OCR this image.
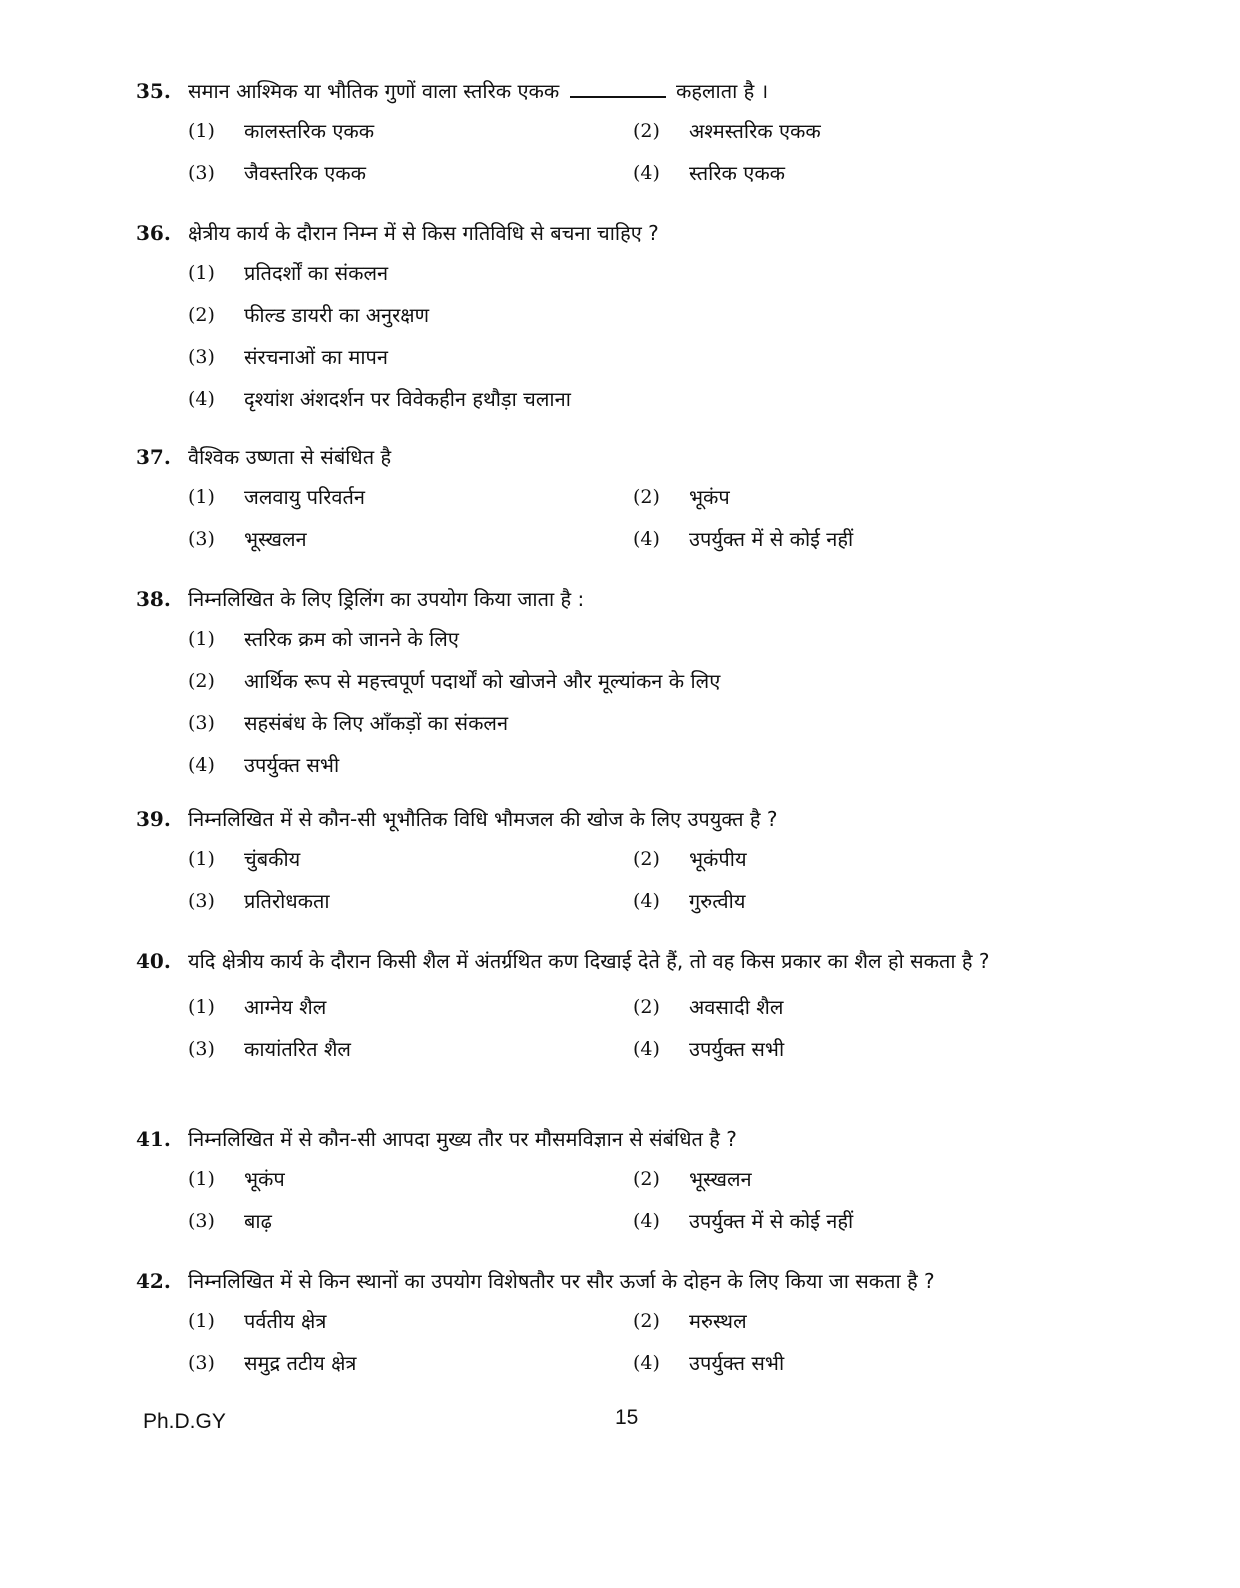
35. समान आश्मिक या भौतिक गुणों वाला स्तरिक एकक	कहलाता है ।
(1) कालस्तरिक एकक	(2) अश्मस्तरिक एकक
(3) जैवस्तरिक एकक	(4) स्तरिक एकक
36. क्षेत्रीय कार्य के दौरान निम्न में से किस गतिविधि से बचना चाहिए ?
(1) प्रतिदर्शों का संकलन
(2) फील्ड डायरी का अनुरक्षण
(3) संरचनाओं का मापन
(4) दृश्यांश अंशदर्शन पर विवेकहीन हथौड़ा चलाना
37. वैश्विक उष्णता से संबंधित है
(1) जलवायु परिवर्तन	(2) भूकंप
(3) भूस्खलन	(4) उपर्युक्त में से कोई नहीं
38. निम्नलिखित के लिए ड्रिलिंग का उपयोग किया जाता है :
(1) स्तरिक क्रम को जानने के लिए
(2) आर्थिक रूप से महत्त्वपूर्ण पदार्थों को खोजने और मूल्यांकन के लिए
(3) सहसंबंध के लिए आँकड़ों का संकलन
(4) उपर्युक्त सभी
39. निम्नलिखित में से कौन-सी भूभौतिक विधि भौमजल की खोज के लिए उपयुक्त है ?
(1) चुंबकीय	(2) भूकंपीय
(3) प्रतिरोधकता	(4) गुरुत्वीय
40. यदि क्षेत्रीय कार्य के दौरान किसी शैल में अंतर्ग्रथित कण दिखाई देते हैं, तो वह किस प्रकार का शैल हो सकता है ?
(1) आग्नेय शैल	(2) अवसादी शैल
(3) कायांतरित शैल	(4) उपर्युक्त सभी
41. निम्नलिखित में से कौन-सी आपदा मुख्य तौर पर मौसमविज्ञान से संबंधित है ?
(1) भूकंप	(2) भूस्खलन
(3) बाढ़	(4) उपर्युक्त में से कोई नहीं
42. निम्नलिखित में से किन स्थानों का उपयोग विशेषतौर पर सौर ऊर्जा के दोहन के लिए किया जा सकता है ?
(1) पर्वतीय क्षेत्र	(2) मरुस्थल
(3) समुद्र तटीय क्षेत्र	(4) उपर्युक्त सभी
Ph.D.GY	15
